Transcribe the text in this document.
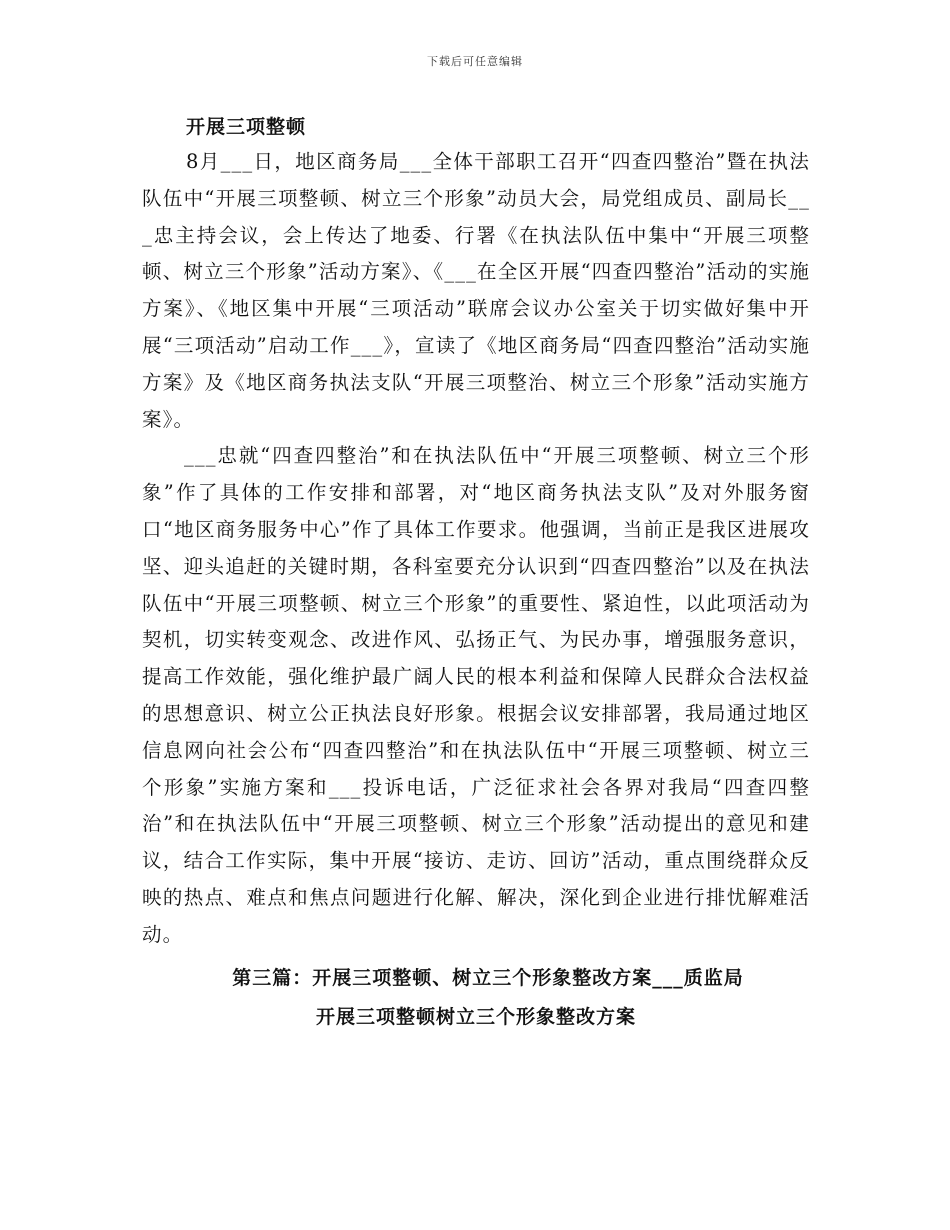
下载后可任意编辑

开展三项整顿

8月___日，地区商务局___全体干部职工召开“四查四整治”暨在执法队伍中“开展三项整顿、树立三个形象”动员大会，局党组成员、副局长___忠主持会议，会上传达了地委、行署《在执法队伍中集中“开展三项整顿、树立三个形象”活动方案》、《___在全区开展“四查四整治”活动的实施方案》、《地区集中开展“三项活动”联席会议办公室关于切实做好集中开展“三项活动”启动工作___》，宣读了《地区商务局“四查四整治”活动实施方案》及《地区商务执法支队“开展三项整治、树立三个形象”活动实施方案》。

___忠就“四查四整治”和在执法队伍中“开展三项整顿、树立三个形象”作了具体的工作安排和部署，对“地区商务执法支队”及对外服务窗口“地区商务服务中心”作了具体工作要求。他强调，当前正是我区进展攻坚、迎头追赶的关键时期，各科室要充分认识到“四查四整治”以及在执法队伍中“开展三项整顿、树立三个形象”的重要性、紧迫性，以此项活动为契机，切实转变观念、改进作风、弘扬正气、为民办事，增强服务意识，提高工作效能，强化维护最广阔人民的根本利益和保障人民群众合法权益的思想意识、树立公正执法良好形象。根据会议安排部署，我局通过地区信息网向社会公布“四查四整治”和在执法队伍中“开展三项整顿、树立三个形象”实施方案和___投诉电话，广泛征求社会各界对我局“四查四整治”和在执法队伍中“开展三项整顿、树立三个形象”活动提出的意见和建议，结合工作实际，集中开展“接访、走访、回访”活动，重点围绕群众反映的热点、难点和焦点问题进行化解、解决，深化到企业进行排忧解难活动。

第三篇：开展三项整顿、树立三个形象整改方案___质监局

开展三项整顿树立三个形象整改方案
